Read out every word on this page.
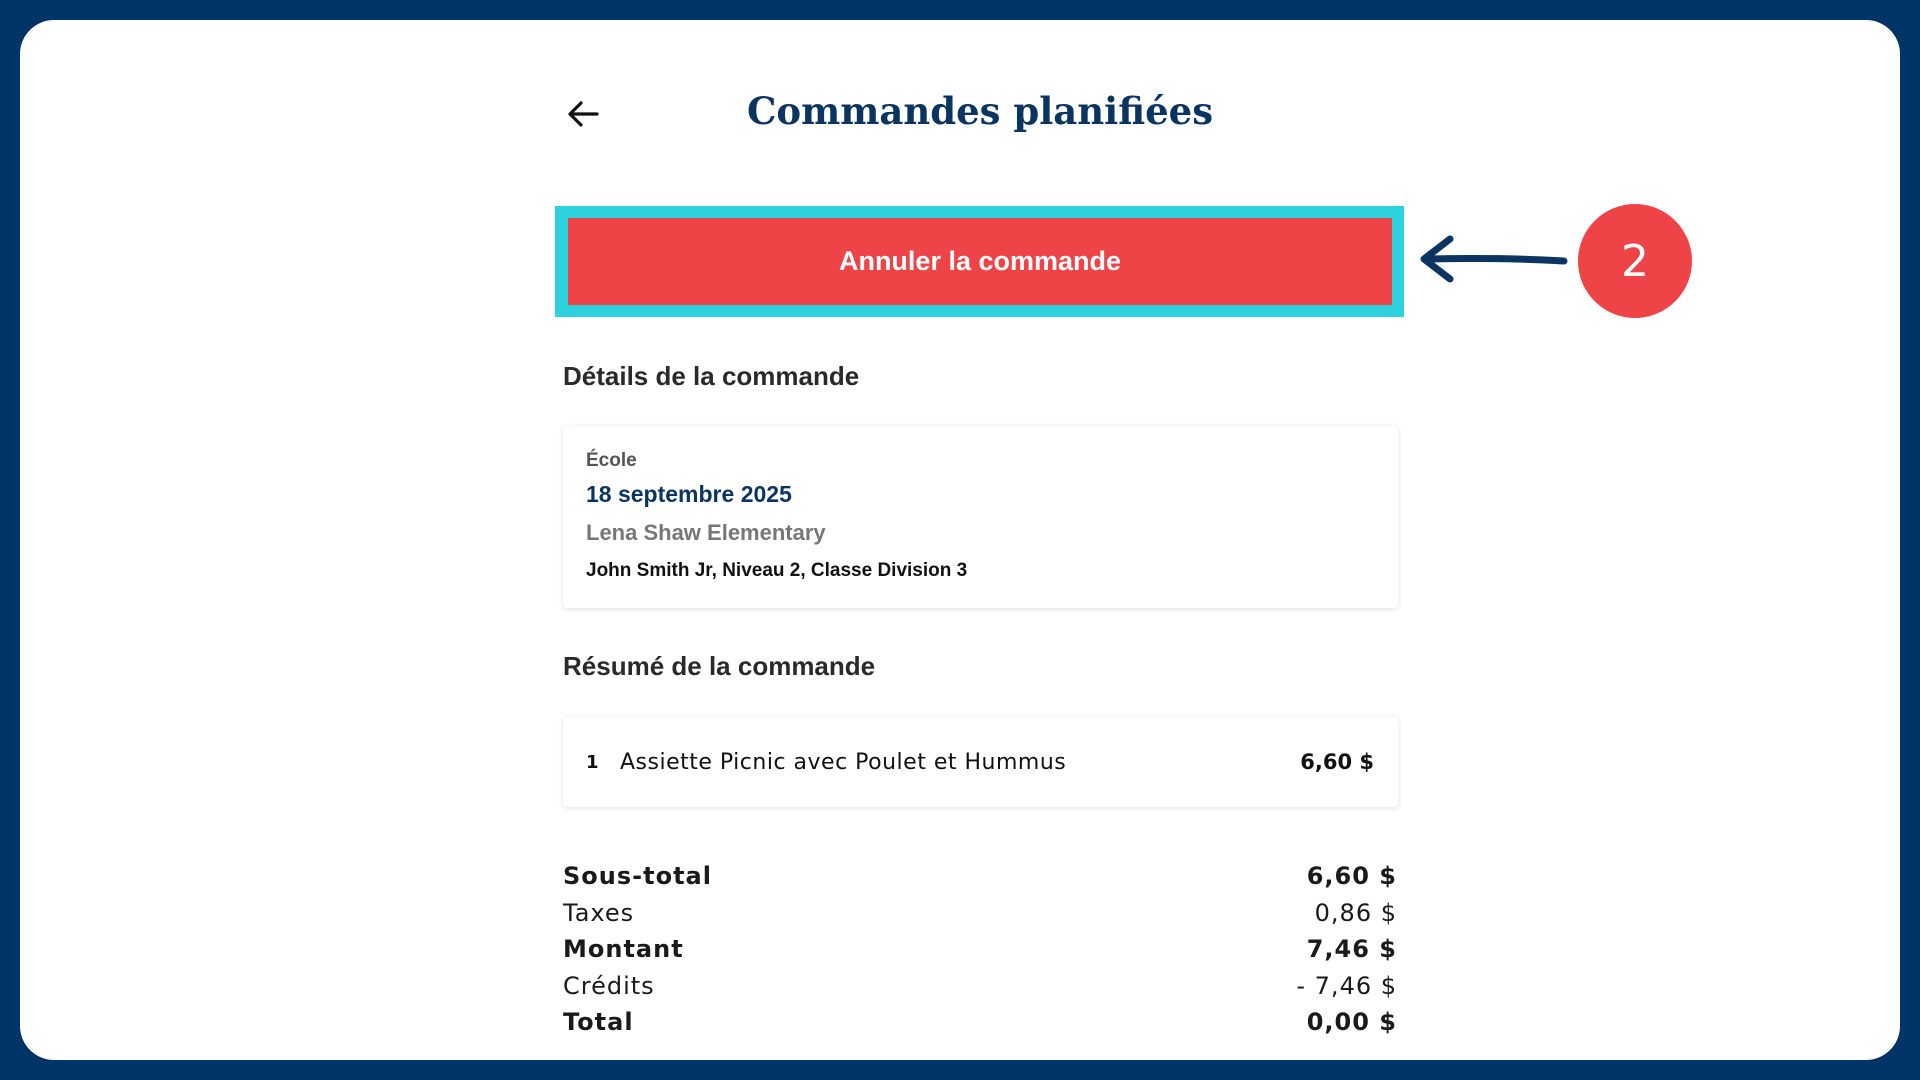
Commandes planifiées
Annuler la commande	2
Détails de la commande
École
18 septembre 2025
Lena Shaw Elementary
John Smith Jr, Niveau 2, Classe Division 3
Résumé de la commande
1 Assiette Picnic avec Poulet et Hummus	6,60 $
Sous-total	6,60 $
Taxes	0,86 $
Montant	7,46 $
Crédits	- 7,46 $
Total	0,00 $
